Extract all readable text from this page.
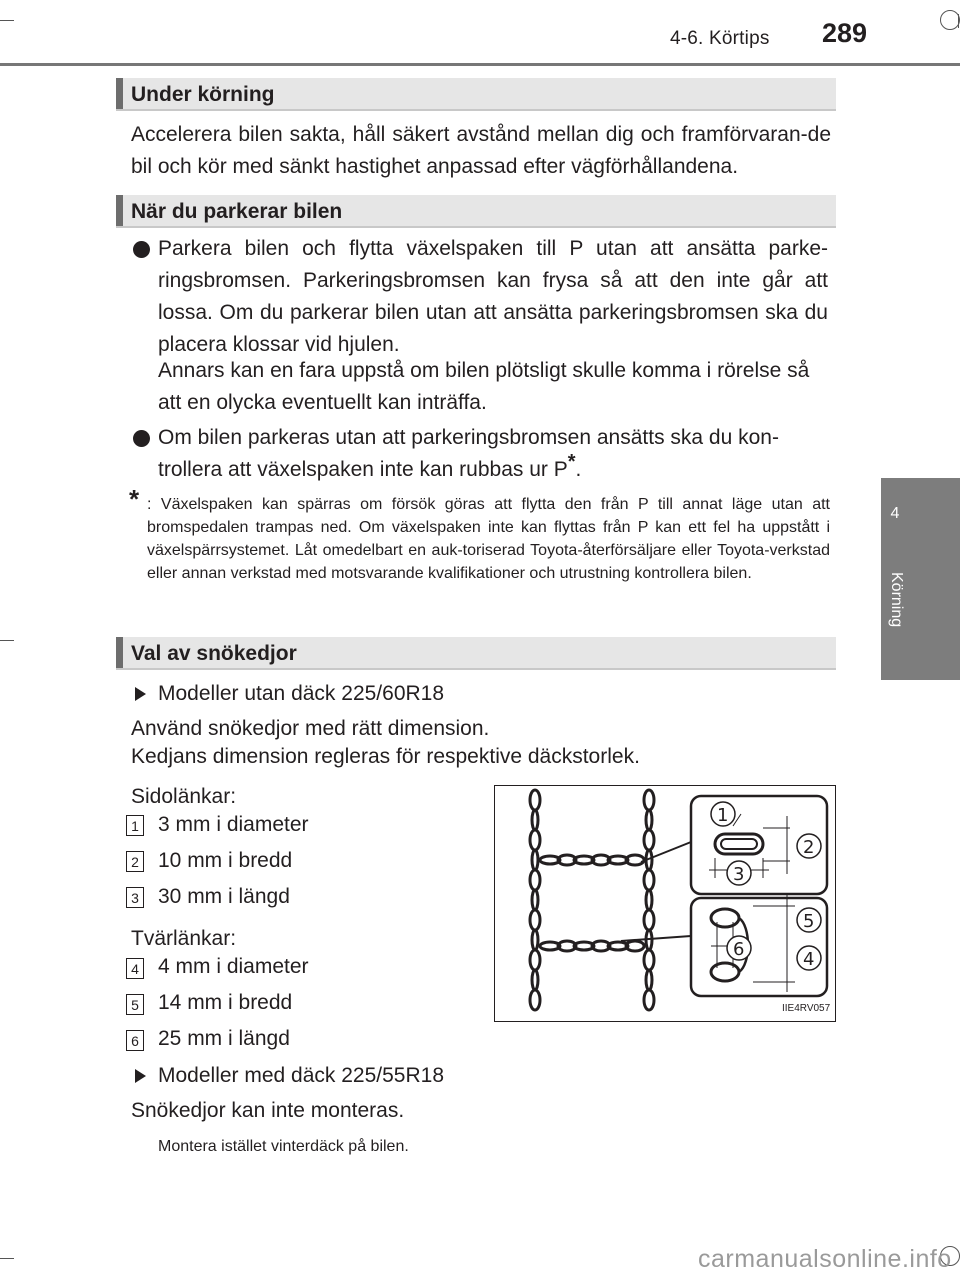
4-6. Körtips 289
4
Körning
Under körning
Accelerera bilen sakta, håll säkert avstånd mellan dig och framförvaran-de bil och kör med sänkt hastighet anpassad efter vägförhållandena.
När du parkerar bilen
Parkera bilen och flytta växelspaken till P utan att ansätta parke-ringsbromsen. Parkeringsbromsen kan frysa så att den inte går att lossa. Om du parkerar bilen utan att ansätta parkeringsbromsen ska du placera klossar vid hjulen.
Annars kan en fara uppstå om bilen plötsligt skulle komma i rörelse så att en olycka eventuellt kan inträffa.
Om bilen parkeras utan att parkeringsbromsen ansätts ska du kon-trollera att växelspaken inte kan rubbas ur P*.
* : Växelspaken kan spärras om försök göras att flytta den från P till annat läge utan att bromspedalen trampas ned. Om växelspaken inte kan flyttas från P kan ett fel ha uppstått i växelspärrsystemet. Låt omedelbart en auk-toriserad Toyota-återförsäljare eller Toyota-verkstad eller annan verkstad med motsvarande kvalifikationer och utrustning kontrollera bilen.
Val av snökedjor
Modeller utan däck 225/60R18
Använd snökedjor med rätt dimension.
Kedjans dimension regleras för respektive däckstorlek.
Sidolänkar:
1 3 mm i diameter
2 10 mm i bredd
3 30 mm i längd
Tvärlänkar:
4 4 mm i diameter
5 14 mm i bredd
6 25 mm i längd
Modeller med däck 225/55R18
Snökedjor kan inte monteras.
Montera istället vinterdäck på bilen.
1
2
3
4
5
6
IIE4RV057
carmanualsonline.info
